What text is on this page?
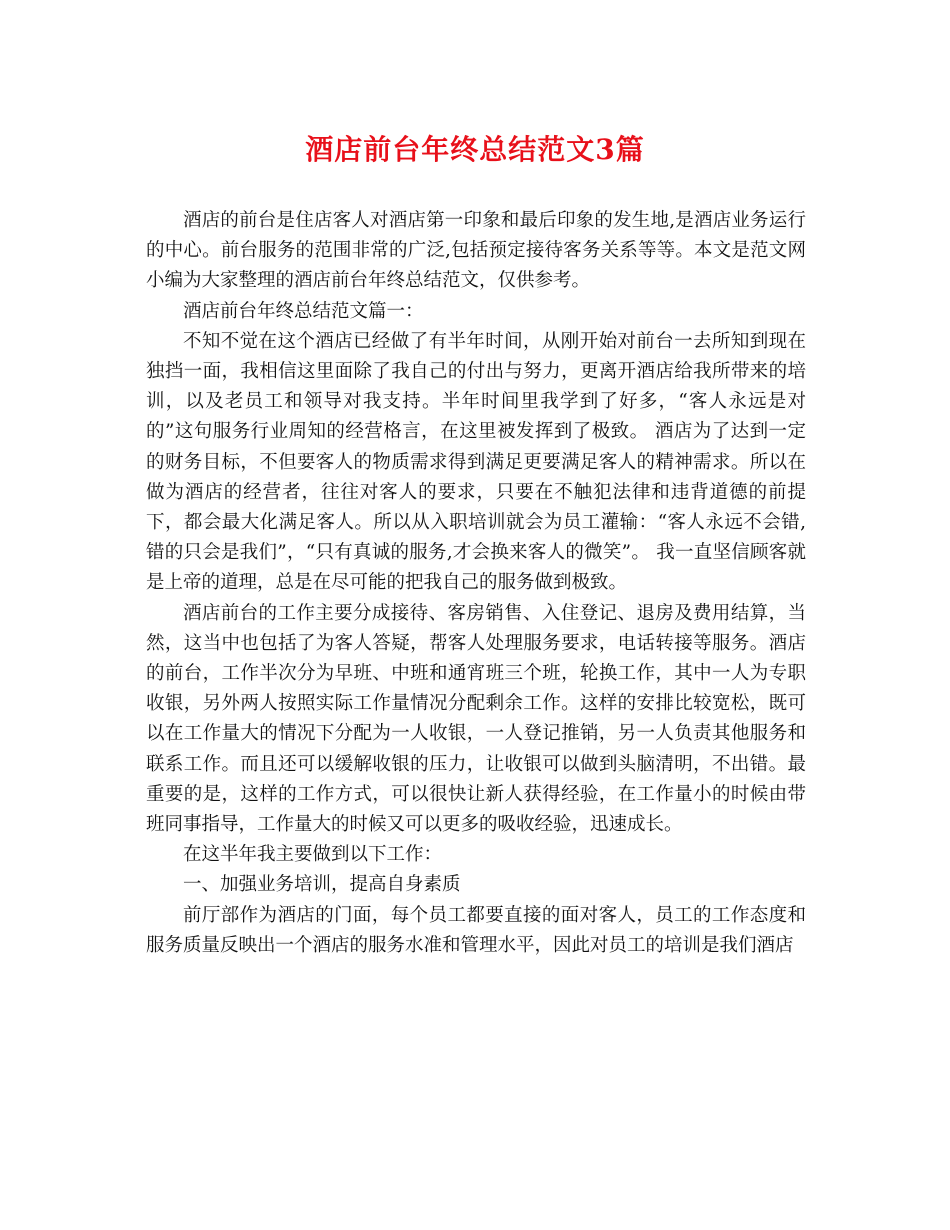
酒店前台年终总结范文3篇

酒店的前台是住店客人对酒店第一印象和最后印象的发生地,是酒店业务运行的中心。前台服务的范围非常的广泛,包括预定接待客务关系等等。本文是范文网小编为大家整理的酒店前台年终总结范文，仅供参考。

酒店前台年终总结范文篇一：

不知不觉在这个酒店已经做了有半年时间，从刚开始对前台一去所知到现在独挡一面，我相信这里面除了我自己的付出与努力，更离开酒店给我所带来的培训，以及老员工和领导对我支持。半年时间里我学到了好多，“客人永远是对的”这句服务行业周知的经营格言，在这里被发挥到了极致。 酒店为了达到一定的财务目标，不但要客人的物质需求得到满足更要满足客人的精神需求。所以在做为酒店的经营者，往往对客人的要求，只要在不触犯法律和违背道德的前提下，都会最大化满足客人。所以从入职培训就会为员工灌输：“客人永远不会错,错的只会是我们”，“只有真诚的服务,才会换来客人的微笑”。 我一直坚信顾客就是上帝的道理，总是在尽可能的把我自己的服务做到极致。

酒店前台的工作主要分成接待、客房销售、入住登记、退房及费用结算，当然，这当中也包括了为客人答疑，帮客人处理服务要求，电话转接等服务。酒店的前台，工作半次分为早班、中班和通宵班三个班，轮换工作，其中一人为专职收银，另外两人按照实际工作量情况分配剩余工作。这样的安排比较宽松，既可以在工作量大的情况下分配为一人收银，一人登记推销，另一人负责其他服务和联系工作。而且还可以缓解收银的压力，让收银可以做到头脑清明，不出错。最重要的是，这样的工作方式，可以很快让新人获得经验，在工作量小的时候由带班同事指导，工作量大的时候又可以更多的吸收经验，迅速成长。

在这半年我主要做到以下工作：

一、加强业务培训，提高自身素质

前厅部作为酒店的门面，每个员工都要直接的面对客人，员工的工作态度和服务质量反映出一个酒店的服务水准和管理水平，因此对员工的培训是我们酒店
